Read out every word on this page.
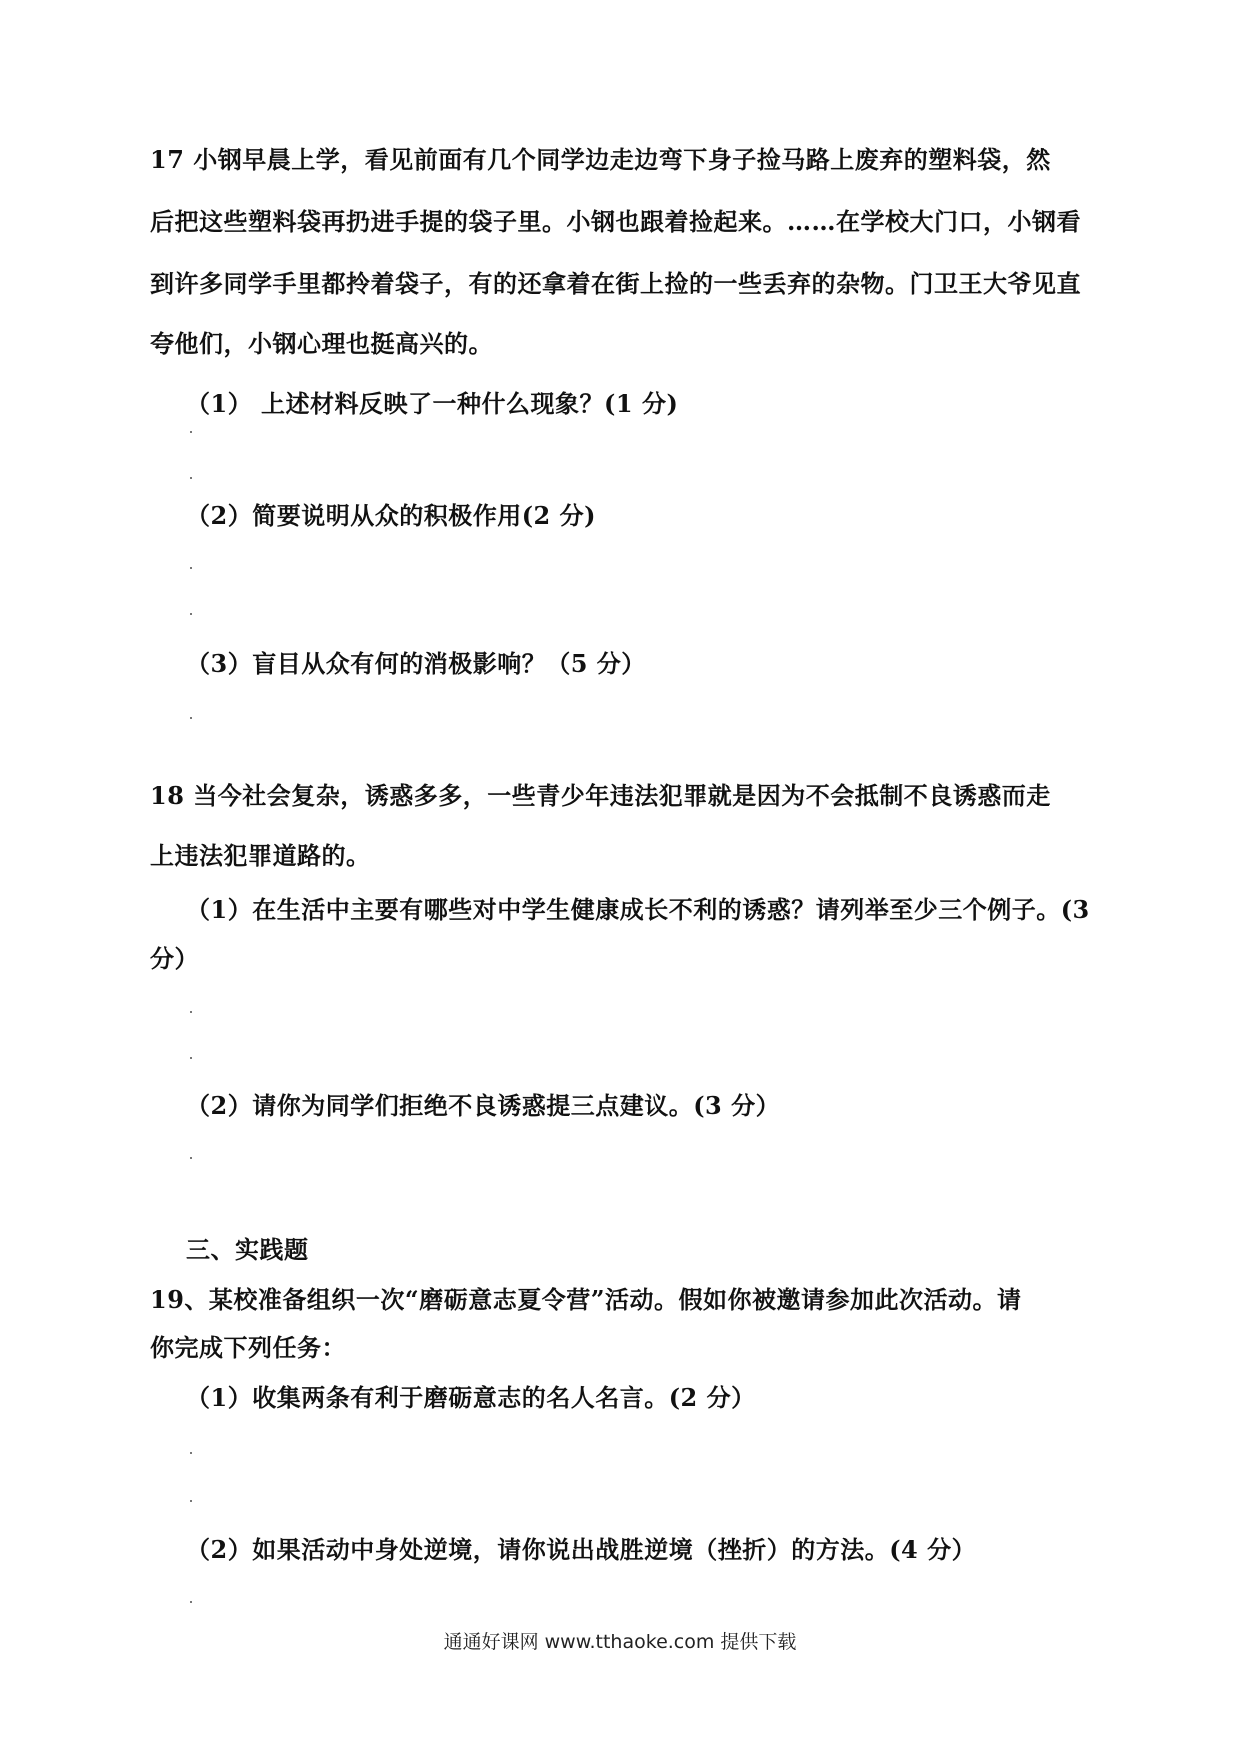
17 小钢早晨上学，看见前面有几个同学边走边弯下身子捡马路上废弃的塑料袋，然
后把这些塑料袋再扔进手提的袋子里。小钢也跟着捡起来。……在学校大门口，小钢看
到许多同学手里都拎着袋子，有的还拿着在街上捡的一些丢弃的杂物。门卫王大爷见直
夸他们，小钢心理也挺高兴的。
（1） 上述材料反映了一种什么现象？(1 分)
（2）简要说明从众的积极作用(2 分)
（3）盲目从众有何的消极影响？（5 分）
18 当今社会复杂，诱惑多多，一些青少年违法犯罪就是因为不会抵制不良诱惑而走
上违法犯罪道路的。
（1）在生活中主要有哪些对中学生健康成长不利的诱惑？请列举至少三个例子。(3
分）
（2）请你为同学们拒绝不良诱惑提三点建议。(3 分）
三、实践题
19、某校准备组织一次“磨砺意志夏令营”活动。假如你被邀请参加此次活动。请
你完成下列任务：
（1）收集两条有利于磨砺意志的名人名言。(2 分）
（2）如果活动中身处逆境，请你说出战胜逆境（挫折）的方法。(4 分）
通通好课网 www.tthaoke.com 提供下载
